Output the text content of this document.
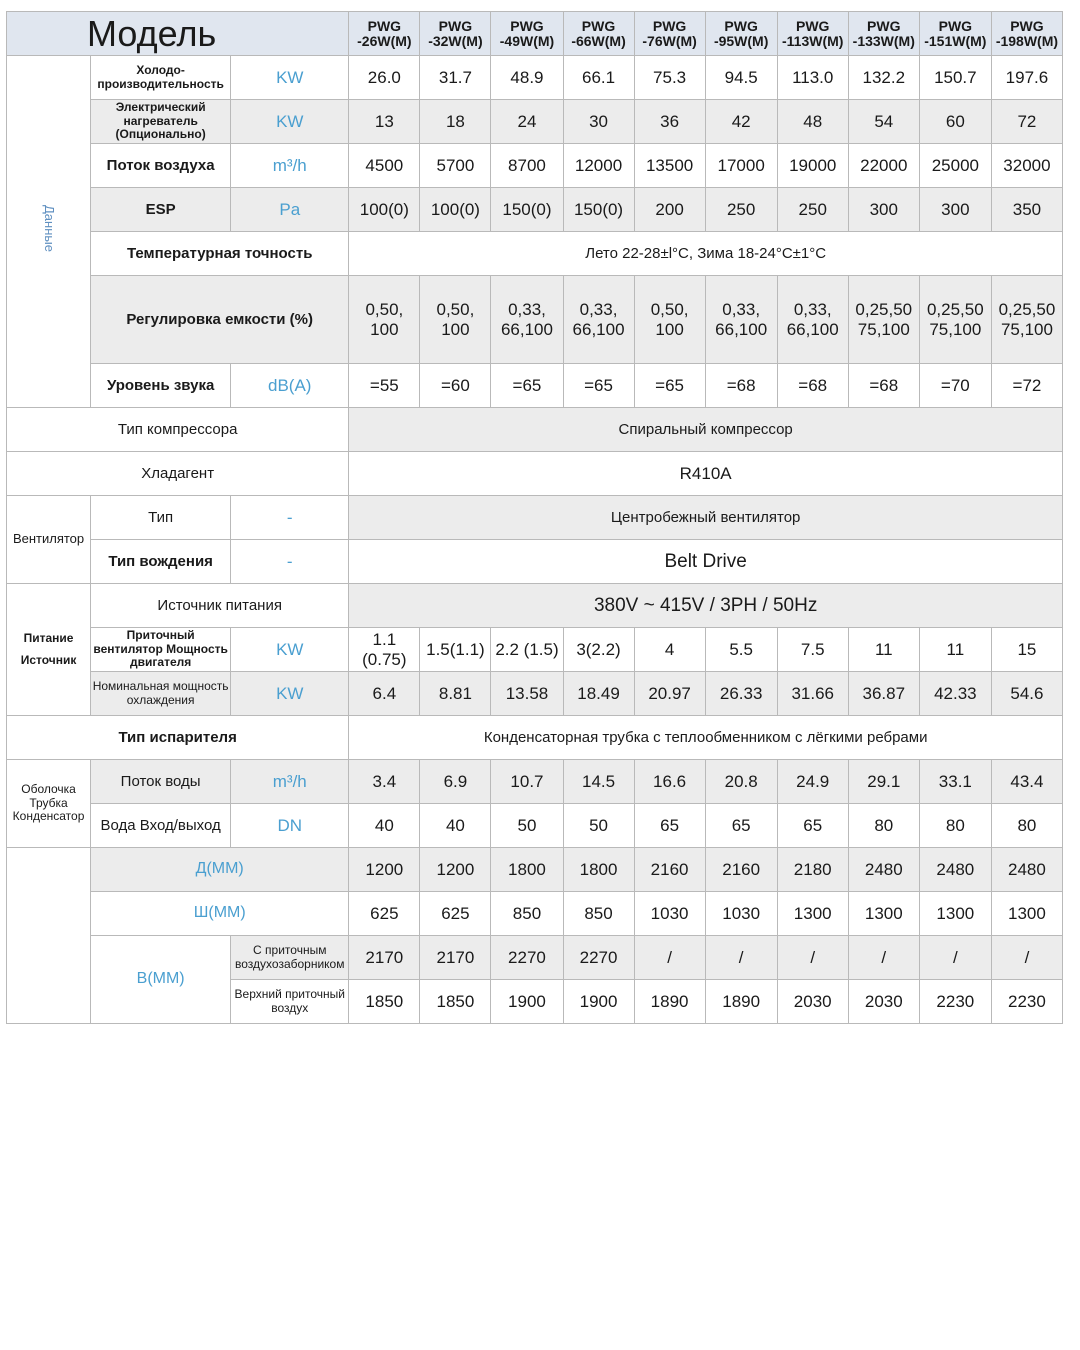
Модель			PWG -26W(M)	PWG -32W(M)	PWG -49W(M)	PWG -66W(M)	PWG -76W(M)	PWG -95W(M)	PWG -113W(M)	PWG -133W(M)	PWG -151W(M)	PWG -198W(M)
Данные	Холодо-производительность	KW	26.0	31.7	48.9	66.1	75.3	94.5	113.0	132.2	150.7	197.6
	Электрический нагреватель (Опционально)	KW	13	18	24	30	36	42	48	54	60	72
	Поток воздуха	m³/h	4500	5700	8700	12000	13500	17000	19000	22000	25000	32000
	ESP	Pa	100(0)	100(0)	150(0)	150(0)	200	250	250	300	300	350
	Температурная точность		Лето 22-28±l°C, Зима 18-24°C±1°C									
	Регулировка емкости (%)		0,50, 100	0,50, 100	0,33, 66,100	0,33, 66,100	0,50, 100	0,33, 66,100	0,33, 66,100	0,25,50 75,100	0,25,50 75,100	0,25,50 75,100
	Уровень звука	dB(A)	=55	=60	=65	=65	=65	=68	=68	=68	=70	=72
Тип компрессора			Спиральный компрессор									
Хладагент			R410A									
Вентилятор	Тип	-	Центробежный вентилятор									
	Тип вождения	-	Belt Drive									
Питание Источник	Источник питания		380V ~ 415V / 3PH / 50Hz									
	Приточный вентилятор Мощность двигателя	KW	1.1 (0.75)	1.5(1.1)	2.2 (1.5)	3(2.2)	4	5.5	7.5	11	11	15
	Номинальная мощность охлаждения	KW	6.4	8.81	13.58	18.49	20.97	26.33	31.66	36.87	42.33	54.6
Тип испарителя			Конденсаторная трубка с теплообменником с лёгкими ребрами									
Оболочка Трубка Конденсатор	Поток воды	m³/h	3.4	6.9	10.7	14.5	16.6	20.8	24.9	29.1	33.1	43.4
	Вода Вход/выход	DN	40	40	50	50	65	65	65	80	80	80
	Д(MM)		1200	1200	1800	1800	2160	2160	2180	2480	2480	2480
	Ш(MM)		625	625	850	850	1030	1030	1300	1300	1300	1300
	B(MM)	С приточным воздухозаборником	2170	2170	2270	2270	/	/	/	/	/	/
		Верхний приточный воздух	1850	1850	1900	1900	1890	1890	2030	2030	2230	2230
